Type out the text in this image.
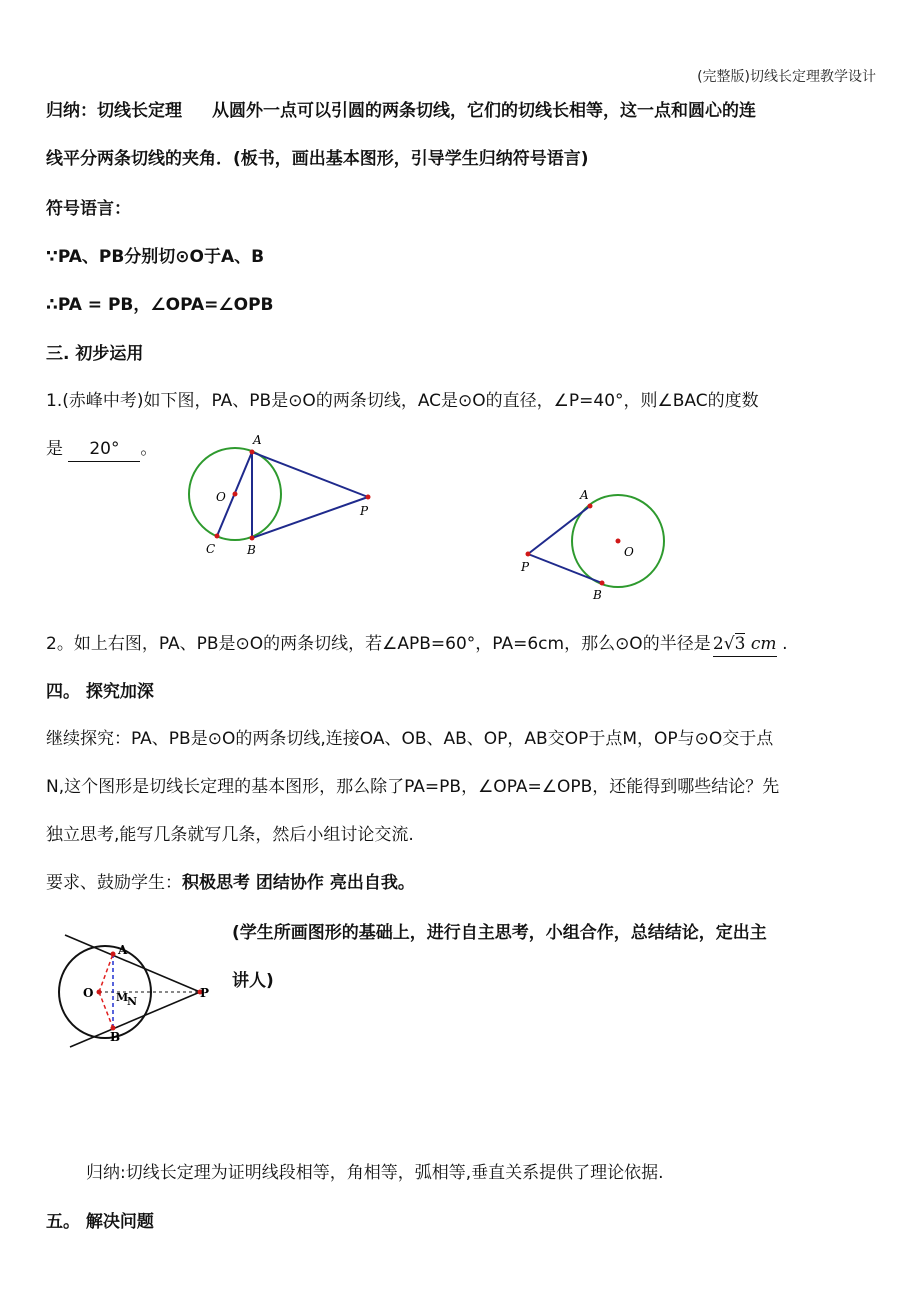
(完整版)切线长定理教学设计
归纳：切线长定理 从圆外一点可以引圆的两条切线，它们的切线长相等，这一点和圆心的连
线平分两条切线的夹角．(板书，画出基本图形，引导学生归纳符号语言)
符号语言：
∵PA、PB分别切⊙O于A、B
∴PA = PB，∠OPA=∠OPB
三. 初步运用
1.(赤峰中考)如下图，PA、PB是⊙O的两条切线，AC是⊙O的直径，∠P=40°，则∠BAC的度数
是 20° 。	A
O
P
C	B
A
O
P
B
2。如上右图，PA、PB是⊙O的两条切线，若∠APB=60°，PA=6cm，那么⊙O的半径是 2√3 cm .
四。 探究加深
继续探究：PA、PB是⊙O的两条切线,连接OA、OB、AB、OP，AB交OP于点M，OP与⊙O交于点
N,这个图形是切线长定理的基本图形，那么除了PA=PB，∠OPA=∠OPB，还能得到哪些结论？先
独立思考,能写几条就写几条，然后小组讨论交流.
要求、鼓励学生：积极思考 团结协作 亮出自我。
A
O M
N
P
B
(学生所画图形的基础上，进行自主思考，小组合作，总结结论，定出主
讲人)
归纳:切线长定理为证明线段相等，角相等，弧相等,垂直关系提供了理论依据.
五。 解决问题
